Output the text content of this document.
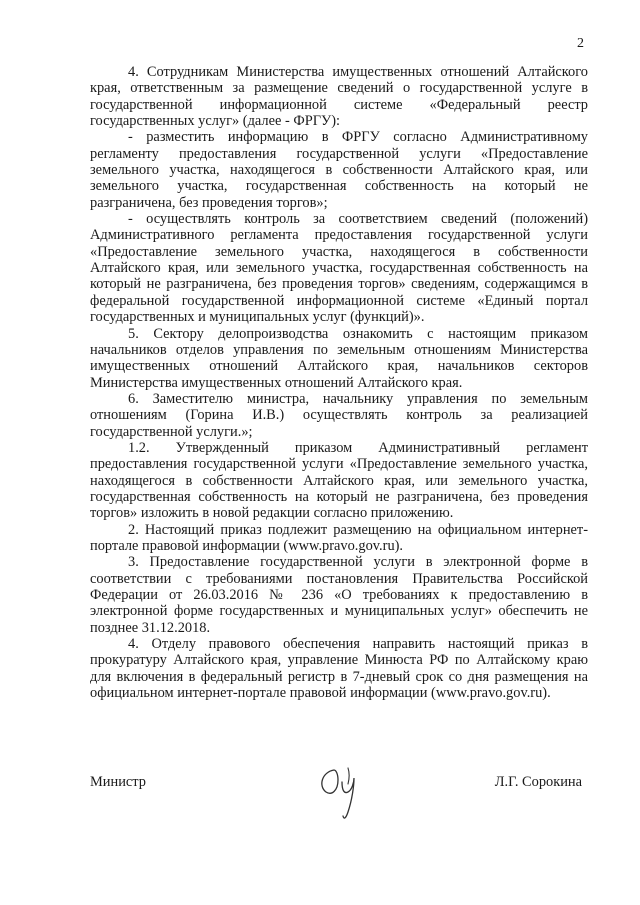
2

4. Сотрудникам Министерства имущественных отношений Алтайского края, ответственным за размещение сведений о государственной услуге в государственной информационной системе «Федеральный реестр государственных услуг» (далее - ФРГУ):

- разместить информацию в ФРГУ согласно Административному регламенту предоставления государственной услуги «Предоставление земельного участка, находящегося в собственности Алтайского края, или земельного участка, государственная собственность на который не разграничена, без проведения торгов»;

- осуществлять контроль за соответствием сведений (положений) Административного регламента предоставления государственной услуги «Предоставление земельного участка, находящегося в собственности Алтайского края, или земельного участка, государственная собственность на который не разграничена, без проведения торгов» сведениям, содержащимся в федеральной государственной информационной системе «Единый портал государственных и муниципальных услуг (функций)».

5. Сектору делопроизводства ознакомить с настоящим приказом начальников отделов управления по земельным отношениям Министерства имущественных отношений Алтайского края, начальников секторов Министерства имущественных отношений Алтайского края.

6. Заместителю министра, начальнику управления по земельным отношениям (Горина И.В.) осуществлять контроль за реализацией государственной услуги.»;

1.2. Утвержденный приказом Административный регламент предоставления государственной услуги «Предоставление земельного участка, находящегося в собственности Алтайского края, или земельного участка, государственная собственность на который не разграничена, без проведения торгов» изложить в новой редакции согласно приложению.

2. Настоящий приказ подлежит размещению на официальном интернет-портале правовой информации (www.pravo.gov.ru).

3. Предоставление государственной услуги в электронной форме в соответствии с требованиями постановления Правительства Российской Федерации от 26.03.2016 № 236 «О требованиях к предоставлению в электронной форме государственных и муниципальных услуг» обеспечить не позднее 31.12.2018.

4. Отделу правового обеспечения направить настоящий приказ в прокуратуру Алтайского края, управление Минюста РФ по Алтайскому краю для включения в федеральный регистр в 7-дневый срок со дня размещения на официальном интернет-портале правовой информации (www.pravo.gov.ru).

Министр	Л.Г. Сорокина
